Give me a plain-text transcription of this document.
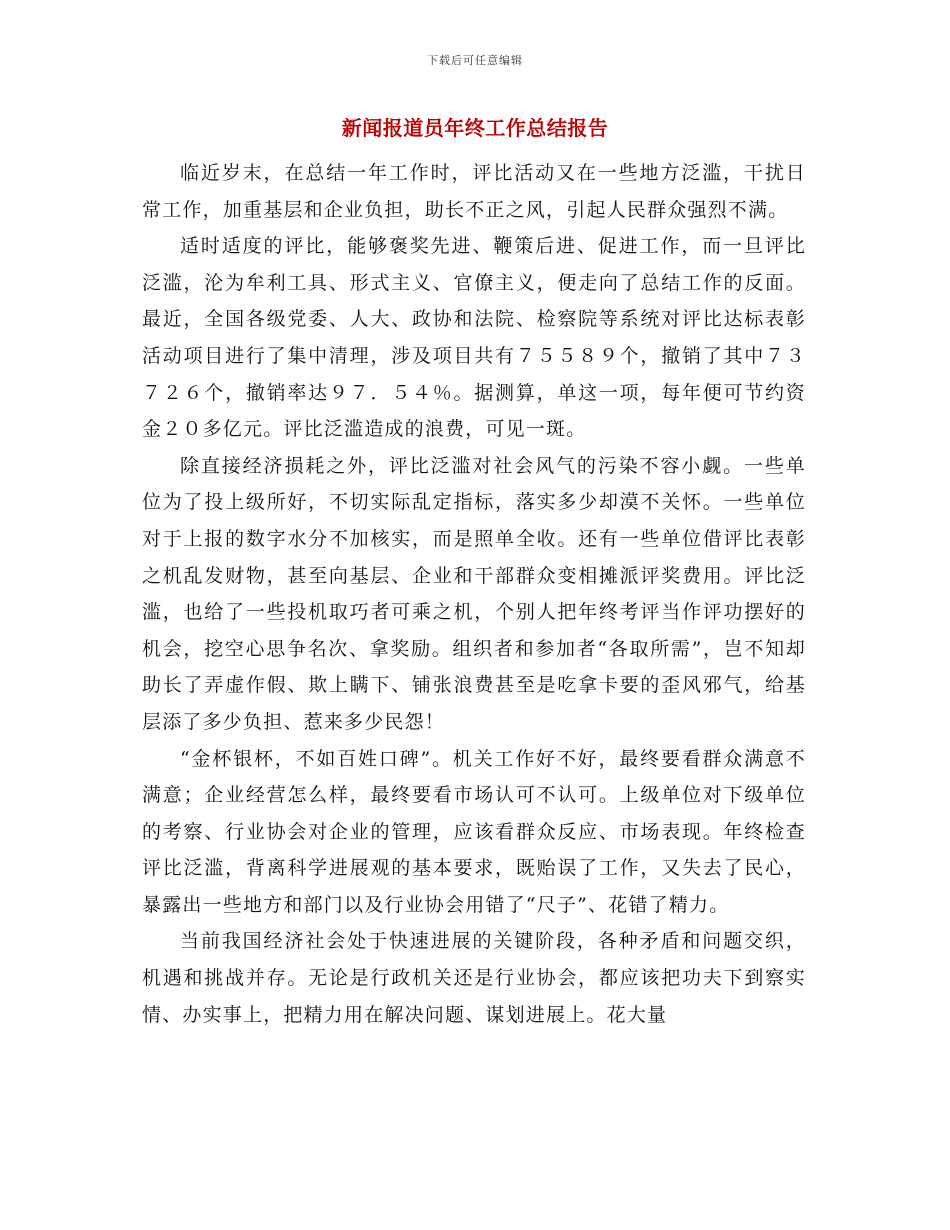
下载后可任意编辑
新闻报道员年终工作总结报告

临近岁末，在总结一年工作时，评比活动又在一些地方泛滥，干扰日常工作，加重基层和企业负担，助长不正之风，引起人民群众强烈不满。

适时适度的评比，能够褒奖先进、鞭策后进、促进工作，而一旦评比泛滥，沦为牟利工具、形式主义、官僚主义，便走向了总结工作的反面。最近，全国各级党委、人大、政协和法院、检察院等系统对评比达标表彰活动项目进行了集中清理，涉及项目共有７５５８９个，撤销了其中７３７２６个，撤销率达９７．５４％。据测算，单这一项，每年便可节约资金２０多亿元。评比泛滥造成的浪费，可见一斑。

除直接经济损耗之外，评比泛滥对社会风气的污染不容小觑。一些单位为了投上级所好，不切实际乱定指标，落实多少却漠不关怀。一些单位对于上报的数字水分不加核实，而是照单全收。还有一些单位借评比表彰之机乱发财物，甚至向基层、企业和干部群众变相摊派评奖费用。评比泛滥，也给了一些投机取巧者可乘之机，个别人把年终考评当作评功摆好的机会，挖空心思争名次、拿奖励。组织者和参加者“各取所需”，岂不知却助长了弄虚作假、欺上瞒下、铺张浪费甚至是吃拿卡要的歪风邪气，给基层添了多少负担、惹来多少民怨！

“金杯银杯，不如百姓口碑”。机关工作好不好，最终要看群众满意不满意；企业经营怎么样，最终要看市场认可不认可。上级单位对下级单位的考察、行业协会对企业的管理，应该看群众反应、市场表现。年终检查评比泛滥，背离科学进展观的基本要求，既贻误了工作，又失去了民心，暴露出一些地方和部门以及行业协会用错了“尺子”、花错了精力。

当前我国经济社会处于快速进展的关键阶段，各种矛盾和问题交织，机遇和挑战并存。无论是行政机关还是行业协会，都应该把功夫下到察实情、办实事上，把精力用在解决问题、谋划进展上。花大量
